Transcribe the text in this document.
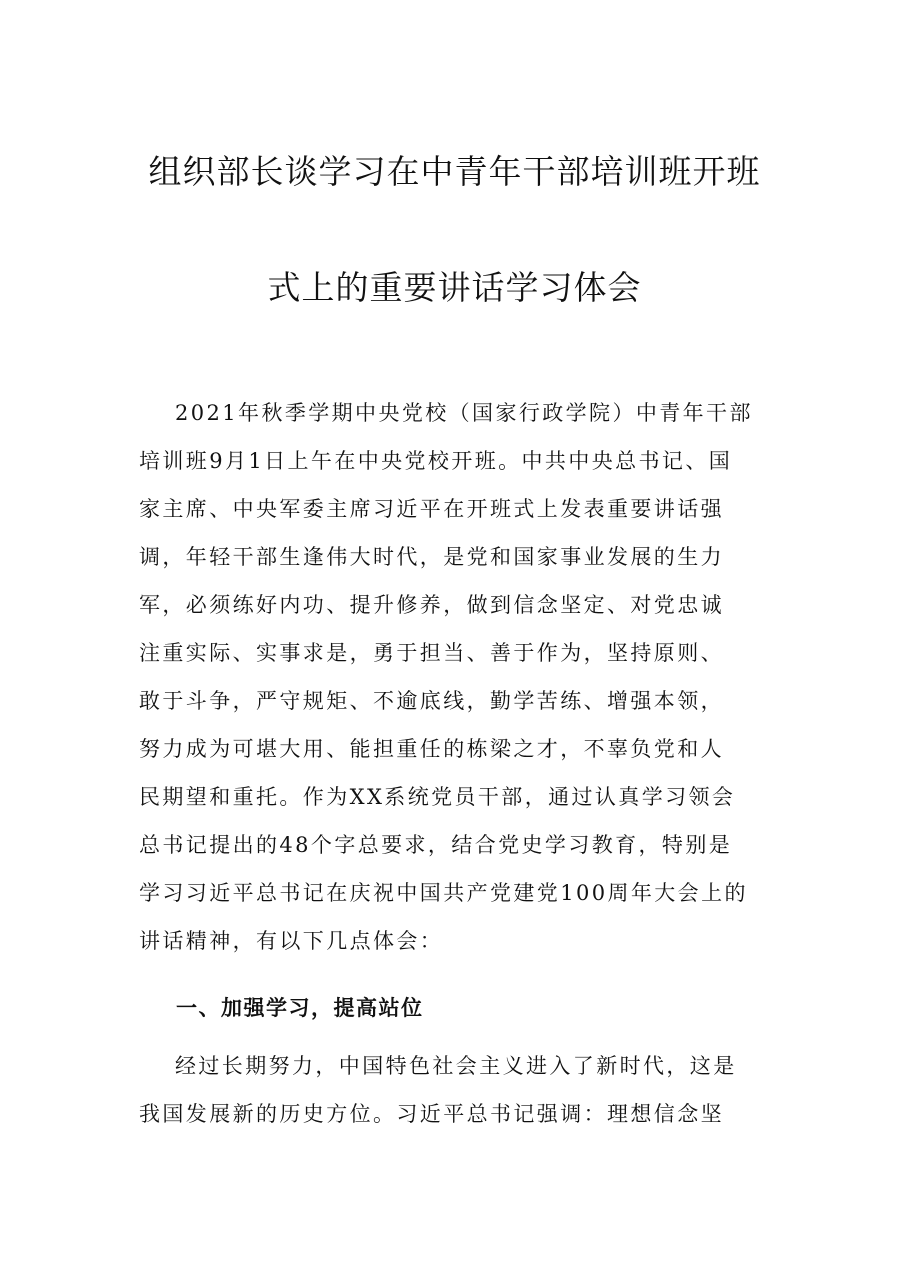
组织部长谈学习在中青年干部培训班开班
式上的重要讲话学习体会
2021年秋季学期中央党校（国家行政学院）中青年干部
培训班9月1日上午在中央党校开班。中共中央总书记、国
家主席、中央军委主席习近平在开班式上发表重要讲话强
调，年轻干部生逢伟大时代，是党和国家事业发展的生力
军，必须练好内功、提升修养，做到信念坚定、对党忠诚
注重实际、实事求是，勇于担当、善于作为，坚持原则、
敢于斗争，严守规矩、不逾底线，勤学苦练、增强本领，
努力成为可堪大用、能担重任的栋梁之才，不辜负党和人
民期望和重托。作为XX系统党员干部，通过认真学习领会
总书记提出的48个字总要求，结合党史学习教育，特别是
学习习近平总书记在庆祝中国共产党建党100周年大会上的
讲话精神，有以下几点体会：
一、加强学习，提高站位
经过长期努力，中国特色社会主义进入了新时代，这是
我国发展新的历史方位。习近平总书记强调：理想信念坚
